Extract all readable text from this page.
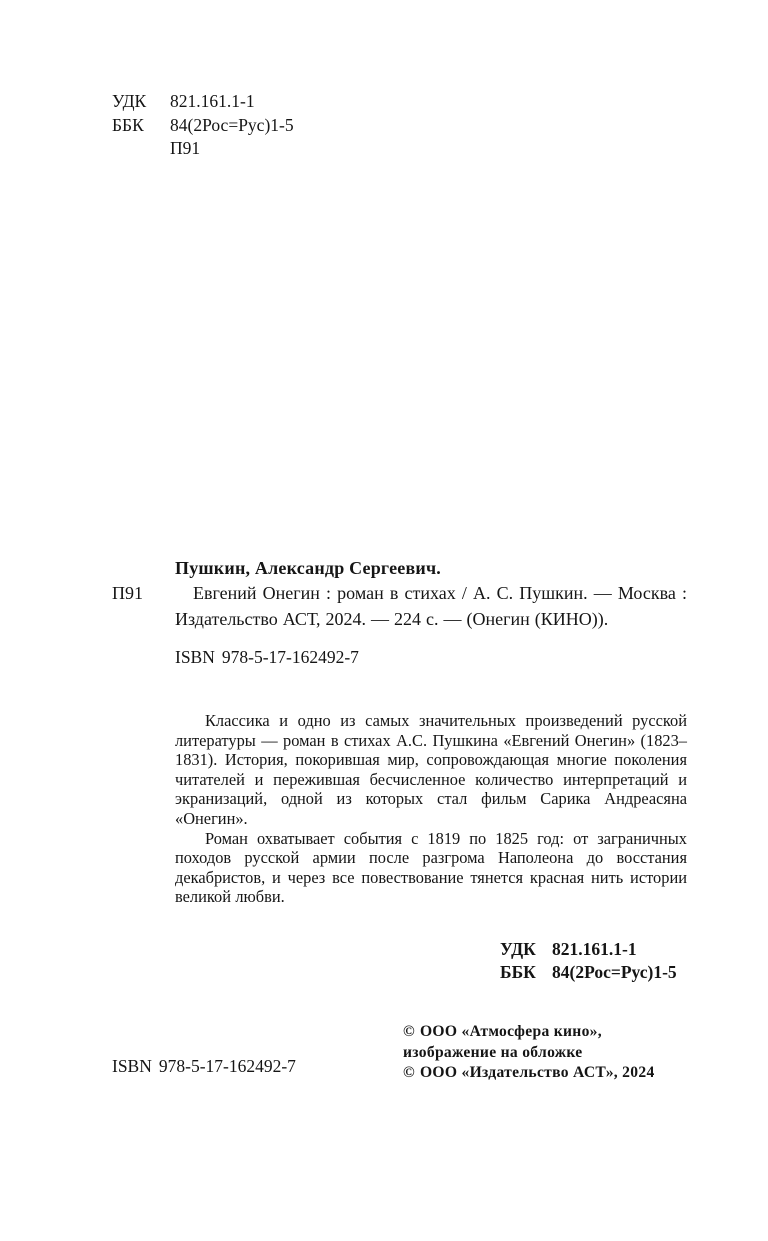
УДК 821.161.1-1
ББК 84(2Рос=Рус)1-5
П91
Пушкин, Александр Сергеевич.
П91	Евгений Онегин : роман в стихах / А. С. Пушкин. — Москва : Издательство АСТ, 2024. — 224 с. — (Онегин (КИНО)).
ISBN 978-5-17-162492-7

Классика и одно из самых значительных произведений русской литературы — роман в стихах А.С. Пушкина «Евгений Онегин» (1823–1831). История, покорившая мир, сопровождающая многие поколения читателей и пережившая бесчисленное количество интерпретаций и экранизаций, одной из которых стал фильм Сарика Андреасяна «Онегин».

Роман охватывает события с 1819 по 1825 год: от заграничных походов русской армии после разгрома Наполеона до восстания декабристов, и через все повествование тянется красная нить истории великой любви.

УДК 821.161.1-1
ББК 84(2Рос=Рус)1-5
© ООО «Атмосфера кино»,
изображение на обложке
© ООО «Издательство АСТ», 2024
ISBN 978-5-17-162492-7
